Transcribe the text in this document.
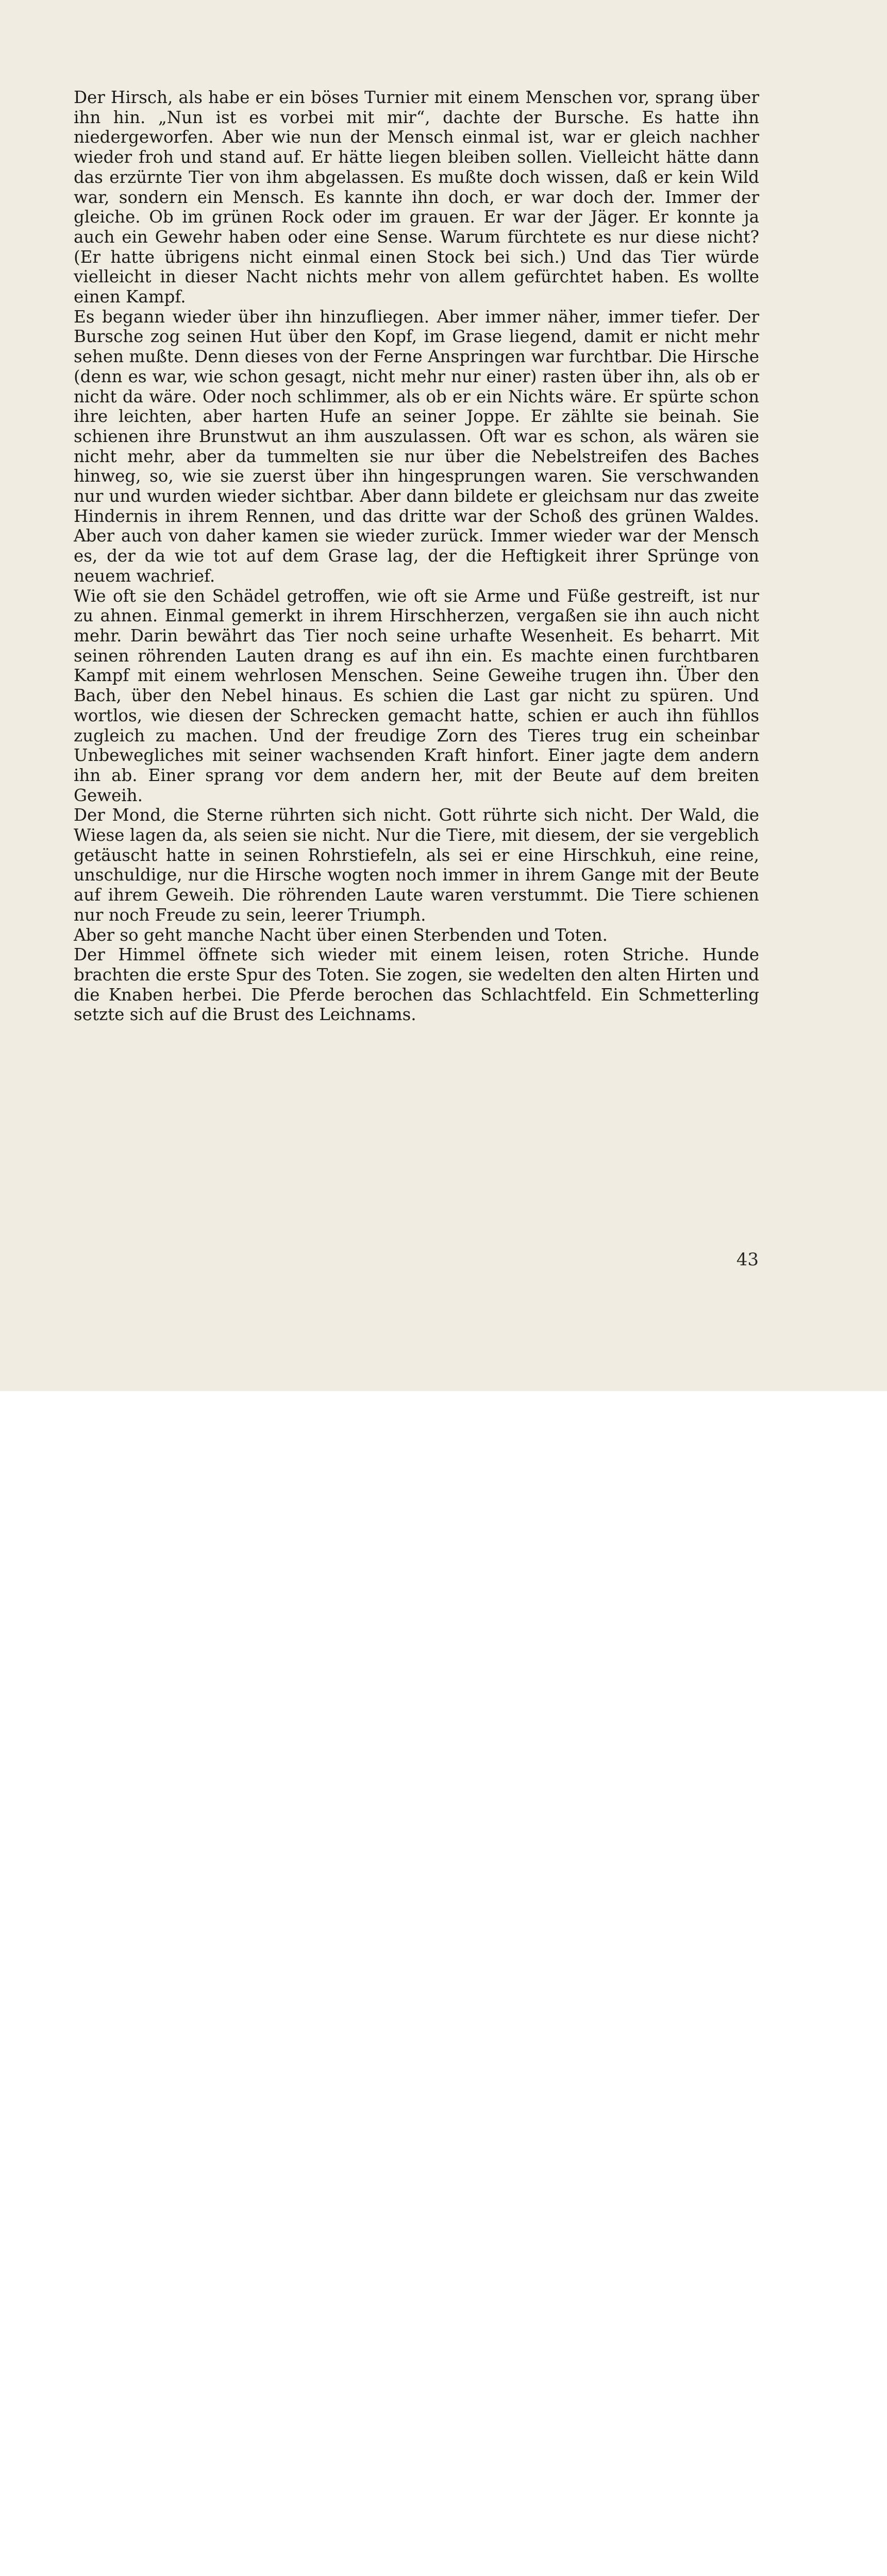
Der Hirsch, als habe er ein böses Turnier mit einem Menschen vor, sprang über ihn hin. „Nun ist es vorbei mit mir“, dachte der Bursche. Es hatte ihn niedergeworfen. Aber wie nun der Mensch einmal ist, war er gleich nachher wieder froh und stand auf. Er hätte liegen bleiben sollen. Vielleicht hätte dann das erzürnte Tier von ihm abgelassen. Es mußte doch wissen, daß er kein Wild war, sondern ein Mensch. Es kannte ihn doch, er war doch der. Immer der gleiche. Ob im grünen Rock oder im grauen. Er war der Jäger. Er konnte ja auch ein Gewehr haben oder eine Sense. Warum fürchtete es nur diese nicht? (Er hatte übrigens nicht einmal einen Stock bei sich.) Und das Tier würde vielleicht in dieser Nacht nichts mehr von allem gefürchtet haben. Es wollte einen Kampf.

Es begann wieder über ihn hinzufliegen. Aber immer näher, immer tiefer. Der Bursche zog seinen Hut über den Kopf, im Grase liegend, damit er nicht mehr sehen mußte. Denn dieses von der Ferne Anspringen war furchtbar. Die Hirsche (denn es war, wie schon gesagt, nicht mehr nur einer) rasten über ihn, als ob er nicht da wäre. Oder noch schlimmer, als ob er ein Nichts wäre. Er spürte schon ihre leichten, aber harten Hufe an seiner Joppe. Er zählte sie beinah. Sie schienen ihre Brunstwut an ihm auszulassen. Oft war es schon, als wären sie nicht mehr, aber da tummelten sie nur über die Nebelstreifen des Baches hinweg, so, wie sie zuerst über ihn hingesprungen waren. Sie verschwanden nur und wurden wieder sichtbar. Aber dann bildete er gleichsam nur das zweite Hindernis in ihrem Rennen, und das dritte war der Schoß des grünen Waldes. Aber auch von daher kamen sie wieder zurück. Immer wieder war der Mensch es, der da wie tot auf dem Grase lag, der die Heftigkeit ihrer Sprünge von neuem wachrief.

Wie oft sie den Schädel getroffen, wie oft sie Arme und Füße gestreift, ist nur zu ahnen. Einmal gemerkt in ihrem Hirschherzen, vergaßen sie ihn auch nicht mehr. Darin bewährt das Tier noch seine urhafte Wesenheit. Es beharrt. Mit seinen röhrenden Lauten drang es auf ihn ein. Es machte einen furchtbaren Kampf mit einem wehrlosen Menschen. Seine Geweihe trugen ihn. Über den Bach, über den Nebel hinaus. Es schien die Last gar nicht zu spüren. Und wortlos, wie diesen der Schrecken gemacht hatte, schien er auch ihn fühllos zugleich zu machen. Und der freudige Zorn des Tieres trug ein scheinbar Unbewegliches mit seiner wachsenden Kraft hinfort. Einer jagte dem andern ihn ab. Einer sprang vor dem andern her, mit der Beute auf dem breiten Geweih.

Der Mond, die Sterne rührten sich nicht. Gott rührte sich nicht. Der Wald, die Wiese lagen da, als seien sie nicht. Nur die Tiere, mit diesem, der sie vergeblich getäuscht hatte in seinen Rohrstiefeln, als sei er eine Hirschkuh, eine reine, unschuldige, nur die Hirsche wogten noch immer in ihrem Gange mit der Beute auf ihrem Geweih. Die röhrenden Laute waren verstummt. Die Tiere schienen nur noch Freude zu sein, leerer Triumph.

Aber so geht manche Nacht über einen Sterbenden und Toten.

Der Himmel öffnete sich wieder mit einem leisen, roten Striche. Hunde brachten die erste Spur des Toten. Sie zogen, sie wedelten den alten Hirten und die Knaben herbei. Die Pferde berochen das Schlachtfeld. Ein Schmetterling setzte sich auf die Brust des Leichnams.

43
